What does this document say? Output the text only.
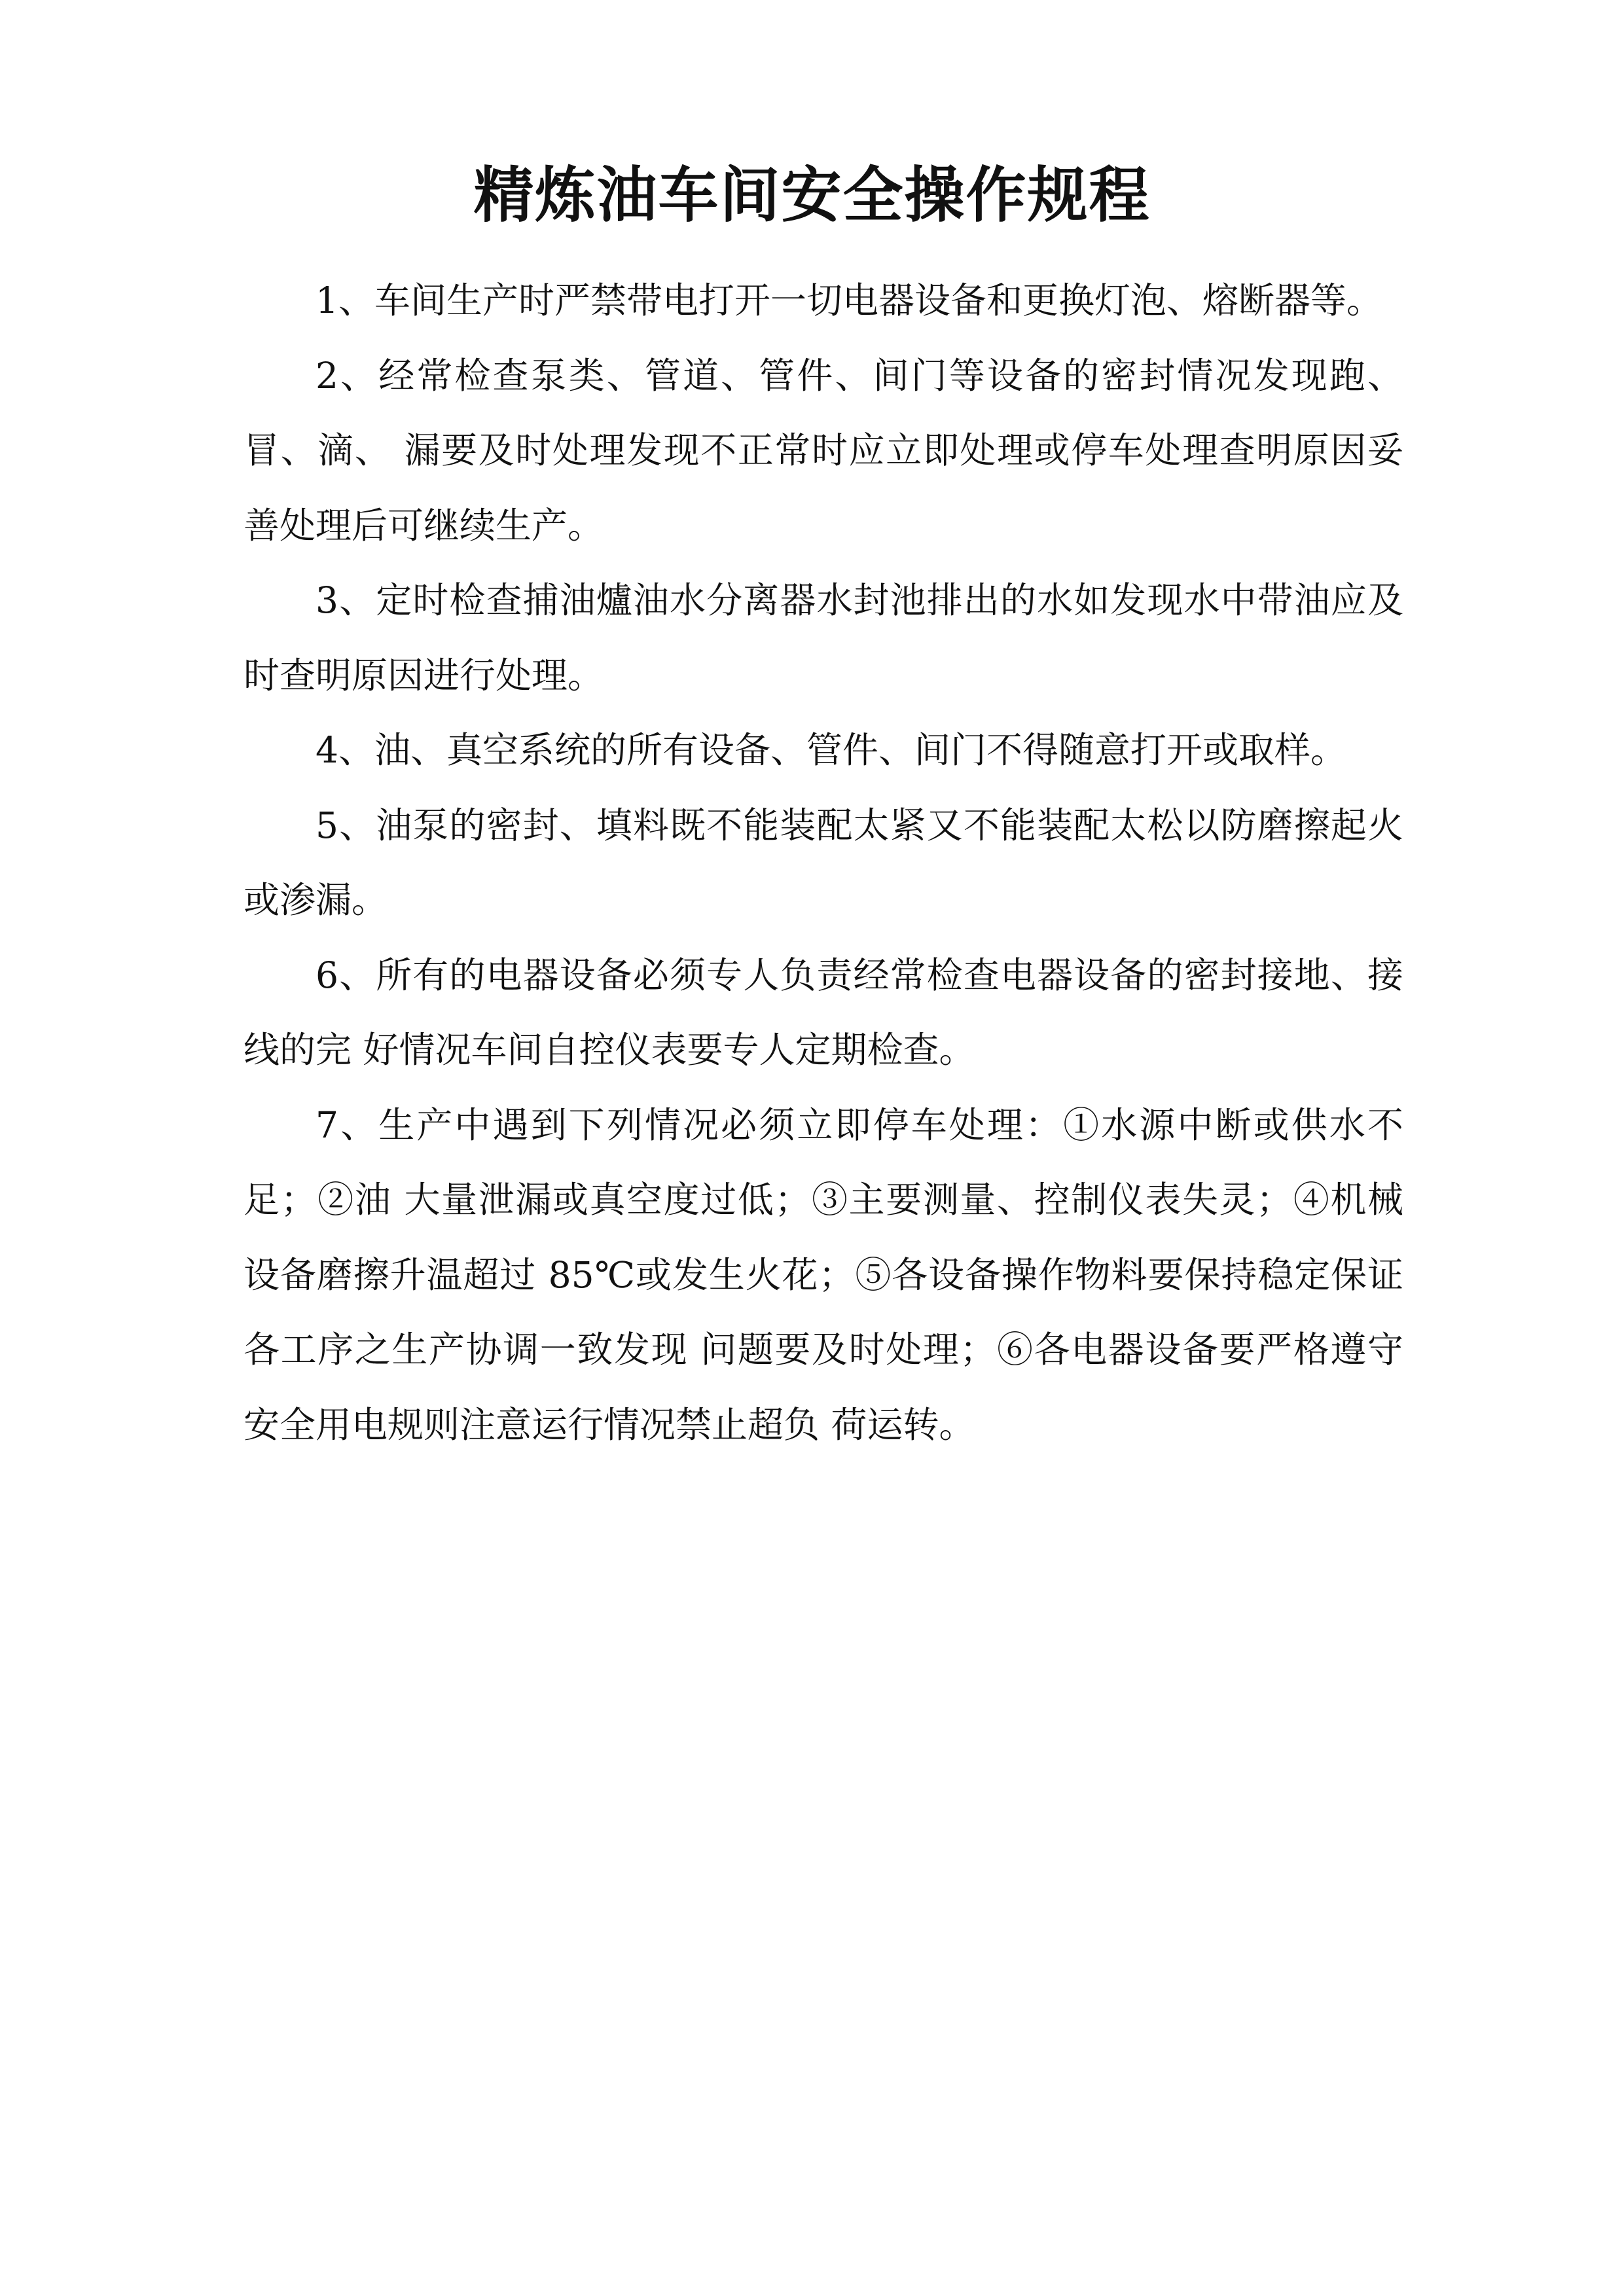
精炼油车间安全操作规程

1、车间生产时严禁带电打开一切电器设备和更换灯泡、熔断器等。

2、经常检查泵类、管道、管件、间门等设备的密封情况发现跑、冒、滴、 漏要及时处理发现不正常时应立即处理或停车处理查明原因妥善处理后可继续生产。

3、定时检查捕油爐油水分离器水封池排出的水如发现水中带油应及时查明原因进行处理。

4、油、真空系统的所有设备、管件、间门不得随意打开或取样。

5、油泵的密封、填料既不能装配太紧又不能装配太松以防磨擦起火或渗漏。

6、所有的电器设备必须专人负责经常检查电器设备的密封接地、接线的完 好情况车间自控仪表要专人定期检查。

7、生产中遇到下列情况必须立即停车处理：①水源中断或供水不足；②油 大量泄漏或真空度过低；③主要测量、控制仪表失灵；④机械设备磨擦升温超过 85℃或发生火花；⑤各设备操作物料要保持稳定保证各工序之生产协调一致发现 问题要及时处理；⑥各电器设备要严格遵守安全用电规则注意运行情况禁止超负 荷运转。
